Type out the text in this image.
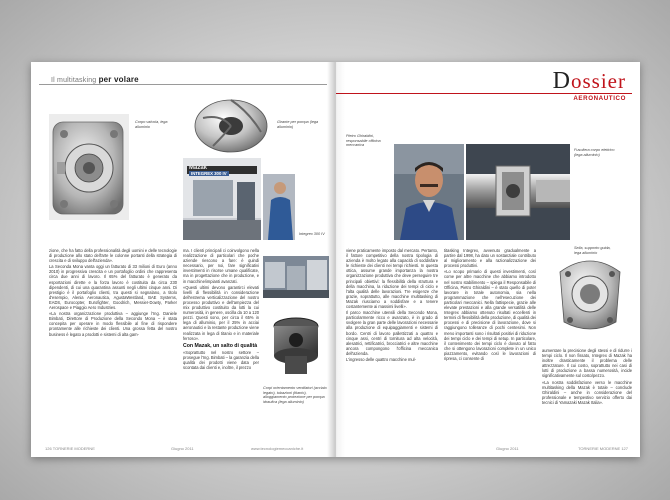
Il multitasking per volare
Corpo valvola, lega alluminio
Girante per pompa (lega alluminio)
Mazak
INTEGREX 300 IV
Integrex 300 IV

zione, che ha fatto della professionalità degli uomini e delle tecnologie di produzione allo stato dell'arte le colonne portanti della strategia di crescita e di sviluppo dell'azienda».

La Seconda Mona vanta oggi un fatturato di 33 milioni di Euro (anno 2010) in progressiva crescita e un portafoglio ordini che rappresenta circa due anni di lavoro. Il 65% del fatturato è generato da esportazioni dirette e la forza lavoro è costituita da circa 230 dipendenti, di cui una quarantina assunti negli ultimi cinque anni. Di prestigio è il portafoglio clienti, tra questi si segnalano, a titolo d'esempio, Alenia Aeronautica, AgustaWestland, BAE Systems, EADS, Eurocopter, Eurofighter, Goodrich, Messier-Dowty, Parker Aerospace e Piaggio Aero Industries.

«La nostra organizzazione produttiva – aggiunge l'Ing. Daniele Bimbati, Direttore di Produzione della Secondo Mona – è stata concepita per operare in modo flessibile al fine di rispondere prontamente alle richieste dei clienti. Una grossa fetta del nostro business è legato a prodotti e sistemi di alta gam-

ma. I clienti principali ci coinvolgono nella realizzazione di particolari che poche aziende riescono a fare: è quindi necessario, per noi, fare significativi investimenti in risorse umane qualificate, ma in progettazione che in produzione, e in macchine/impianti avanzati.

«Questi ultimi devono garantirci elevati livelli di flessibilità in considerazione dell'estrema verticalizzazione del nostro processo produttivo e dell'ampiezza del mix produttivo costituito da lotti la cui numerosità, in genere, oscilla da 10 a 120 pezzi. Questi sono, per circa il 65% in lega di alluminio, per il 25% in acciai aeronautici e la restante produzione viene realizzata in lega di titanio e in materiale ferroso».

Con Mazak, un salto di qualità

«Soprattutto nel nostro settore – prosegue l'Ing. Bimbati – la garanzia della qualità dei prodotti viene data per scontata dai clienti e, inoltre, il prezzo

Corpi orientamento ventilatori (acciaio legato), tubazioni (titanio), alloggiamento protezione per pompa idraulica (lega alluminio)
126 TORNERIE MODERNE	Giugno 2011	www.tecnologiemeccaniche.it
Dossier
AERONAUTICO
Pietro Ghiraldini, responsabile officina meccanica
Fusoliera corpo elettrico (lega alluminio)
Sella, supporto guida, lega alluminio

viene praticamente imposto dal mercato. Pertanto, il fattore competitivo della nostra tipologia di azienda è molto legato alla capacità di soddisfare le richieste dei clienti nei tempi richiesti. In questa ottica, assume grande importanza la nostra organizzazione produttiva che deve perseguire tre principali obiettivi: la flessibilità della struttura e della macchina, la riduzione dei tempi di ciclo e l'alta qualità delle lavorazioni. Tre esigenze che grazie, soprattutto, alle macchine multitasking di Mazak riusciamo a soddisfare e a tenere costantemente ai massimi livelli».

Il parco macchine utensili della Secondo Mona, particolarmente ricco e avanzato, è in grado di svolgere la gran parte delle lavorazioni necessarie alla produzione di equipaggiamenti e sistemi di bordo. Centri di lavoro pallettizzati a quattro e cinque assi, centri di tornitura ad alta velocità, alesatrici, rettificatrici, brocciatrici e altre macchine ancora compongono l'officina meccanica dell'azienda.

L'ingresso delle quattro macchine mul-

titasking Integrex, avvenuto gradualmente a partire dal 1998, ha dato un sostanziale contributo al miglioramento e alla razionalizzazione dei processi produttivi.

«Lo scopo primario di questi investimenti, così come per altre macchine che abbiamo introdotto nel nostro stabilimento – spiega il Responsabile di Officina, Pietro Ghiraldini – è stato quello di poter lavorare in totale autonomia, sia nella programmazione che nell'esecuzione dei particolari meccanici. Nella fattispecie, grazie alle elevate prestazioni e alla grande versatilità delle Integrex abbiamo ottenuto risultati eccellenti in termini di flessibilità della produzione, di qualità dei processi e di precisione di lavorazione, dove si raggiungono tolleranze di pochi centesimi. Non meno importanti sono i risultati positivi di riduzione dei tempi ciclo e dei tempi di setup. In particolare, il contenimento dei tempi ciclo è dovuto al fatto che si ottengono lavorazioni complete in un unico piazzamento, evitando così le lavorazioni di ripresa, ci consente di

aumentare la precisione degli stessi e di ridurre i tempi ciclo. Il non fissato, Integrex di Mazak ha inoltre drasticamente il problema delle attrezzature. Il cui costo, soprattutto nei casi di lotti di produzione a bassa numerosità, incide significativamente sul costo/pezzo.

«La nostra soddisfazione verso le macchine multitasking della Mazak è totale – conclude Ghiraldini – anche in considerazione del professionale e tempestivo servizio offerto dai tecnici di Yamazaki Mazak Italia».

Giugno 2011	TORNERIE MODERNE 127
